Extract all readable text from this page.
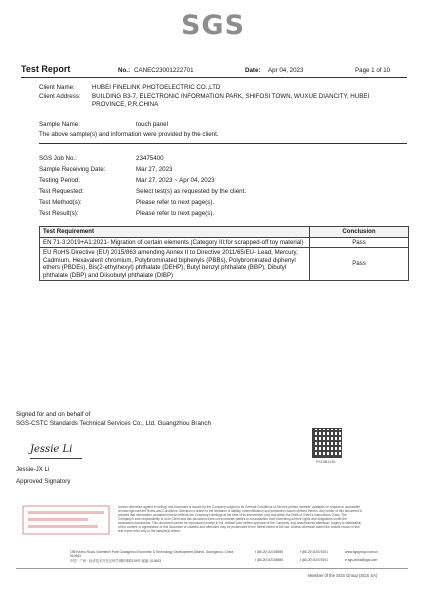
SGS
Test Report	No.: CANEC23001222701	Date: Apr 04, 2023	Page 1 of 10
Client Name:	HUBEI FINELINK PHOTOELECTRIC CO.,LTD
Client Address: BUILDING B3-7, ELECTRONIC INFORMATION PARK, SHIFOSI TOWN, WUXUE DIANCITY, HUBEI PROVINCE, P.R.CHINA
Sample Name:	touch panel
The above sample(s) and information were provided by the client.
SGS Job No.:	23475400
Sample Receiving Date:	Mar 27, 2023
Testing Period:	Mar 27, 2023 ~ Apr 04, 2023
Test Requested:	Select test(s) as requested by the client.
Test Method(s):	Please refer to next page(s).
Test Result(s):	Please refer to next page(s).
Test Requirement	Conclusion
EN 71-3:2019+A1:2021- Migration of certain elements (Category III:for scrapped-off toy material)	Pass
EU RoHS Directive (EU) 2015/863 amending Annex II to Directive 2011/65/EU- Lead, Mercury, Cadmium, Hexavalent chromium, Polybrominated biphenyls (PBBs), Polybrominated diphenyl ethers (PBDEs), Bis(2-ethylhexyl) phthalate (DEHP), Butyl benzyl phthalate (BBP), Dibutyl phthalate (DBP) and Diisobutyl phthalate (DIBP)	Pass
Signed for and on behalf of
SGS-CSTC Standards Technical Services Co., Ltd. Guangzhou Branch
Jessie Li
Jessie-JX Li
Approved Signatory
FS15B14SL
Unless otherwise agreed in writing, this document is issued by the Company subject to its General Conditions of Service printed overleaf, available on request or accessible at www.sgs.com/en/Terms-and-Conditions. Attention is drawn to the limitation of liability, indemnification and jurisdiction issues defined therein. Any holder of this document is advised that information contained hereon reflects the Company's findings at the time of its intervention only and within the limits of Client's instructions, if any. The Company's sole responsibility is to its Client and this document does not exonerate parties to a transaction from exercising all their rights and obligations under the transaction documents. This document cannot be reproduced except in full, without prior written approval of the Company. Any unauthorized alteration, forgery or falsification of the content or appearance of this document is unlawful and offenders may be prosecuted to the fullest extent of the law. Unless otherwise stated the results shown in this test report refer only to the sample(s) tested.
198 Kezhu Road, Scientech Park Guangzhou Economic & Technology Development District, Guangzhou, China 510663
中国 · 广州 · 经济技术开发区科学城科珠路198号 邮编: 510663
t (86-20) 82155555	f (86-20) 82075191	www.sgsgroup.com.cn
t (86-20) 82155555	f (86-20) 82075191	e sgs.china@sgs.com
Member of the SGS Group (SGS SA)
